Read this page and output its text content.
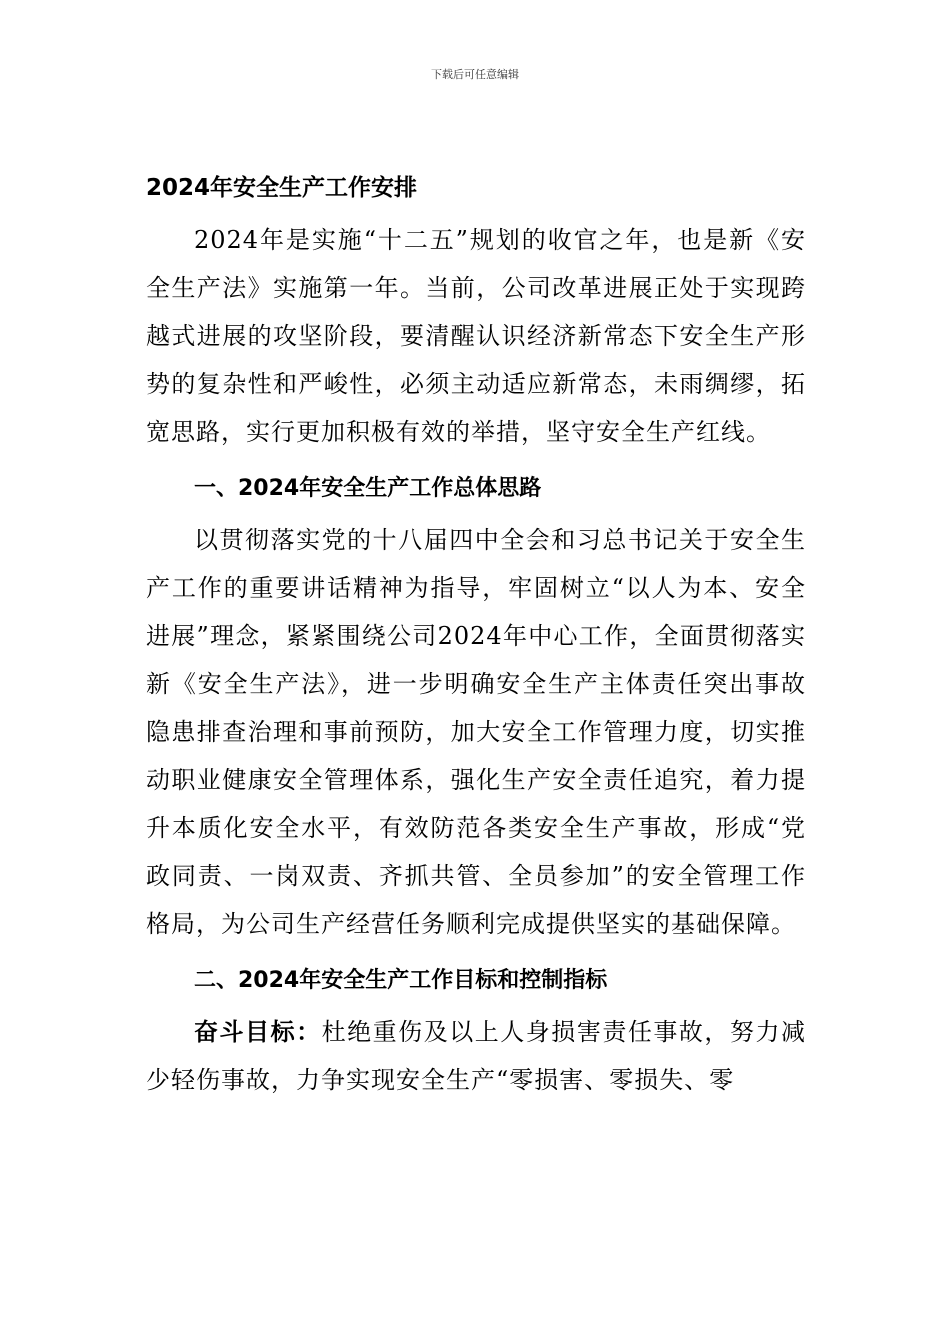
下载后可任意编辑
2024年安全生产工作安排

2024年是实施“十二五”规划的收官之年，也是新《安全生产法》实施第一年。当前，公司改革进展正处于实现跨越式进展的攻坚阶段，要清醒认识经济新常态下安全生产形势的复杂性和严峻性，必须主动适应新常态，未雨绸缪，拓宽思路，实行更加积极有效的举措，坚守安全生产红线。

一、2024年安全生产工作总体思路

以贯彻落实党的十八届四中全会和习总书记关于安全生产工作的重要讲话精神为指导，牢固树立“以人为本、安全进展”理念，紧紧围绕公司2024年中心工作，全面贯彻落实新《安全生产法》，进一步明确安全生产主体责任突出事故隐患排查治理和事前预防，加大安全工作管理力度，切实推动职业健康安全管理体系，强化生产安全责任追究，着力提升本质化安全水平，有效防范各类安全生产事故，形成“党政同责、一岗双责、齐抓共管、全员参加”的安全管理工作格局，为公司生产经营任务顺利完成提供坚实的基础保障。

二、2024年安全生产工作目标和控制指标

奋斗目标：杜绝重伤及以上人身损害责任事故，努力减少轻伤事故，力争实现安全生产“零损害、零损失、零
